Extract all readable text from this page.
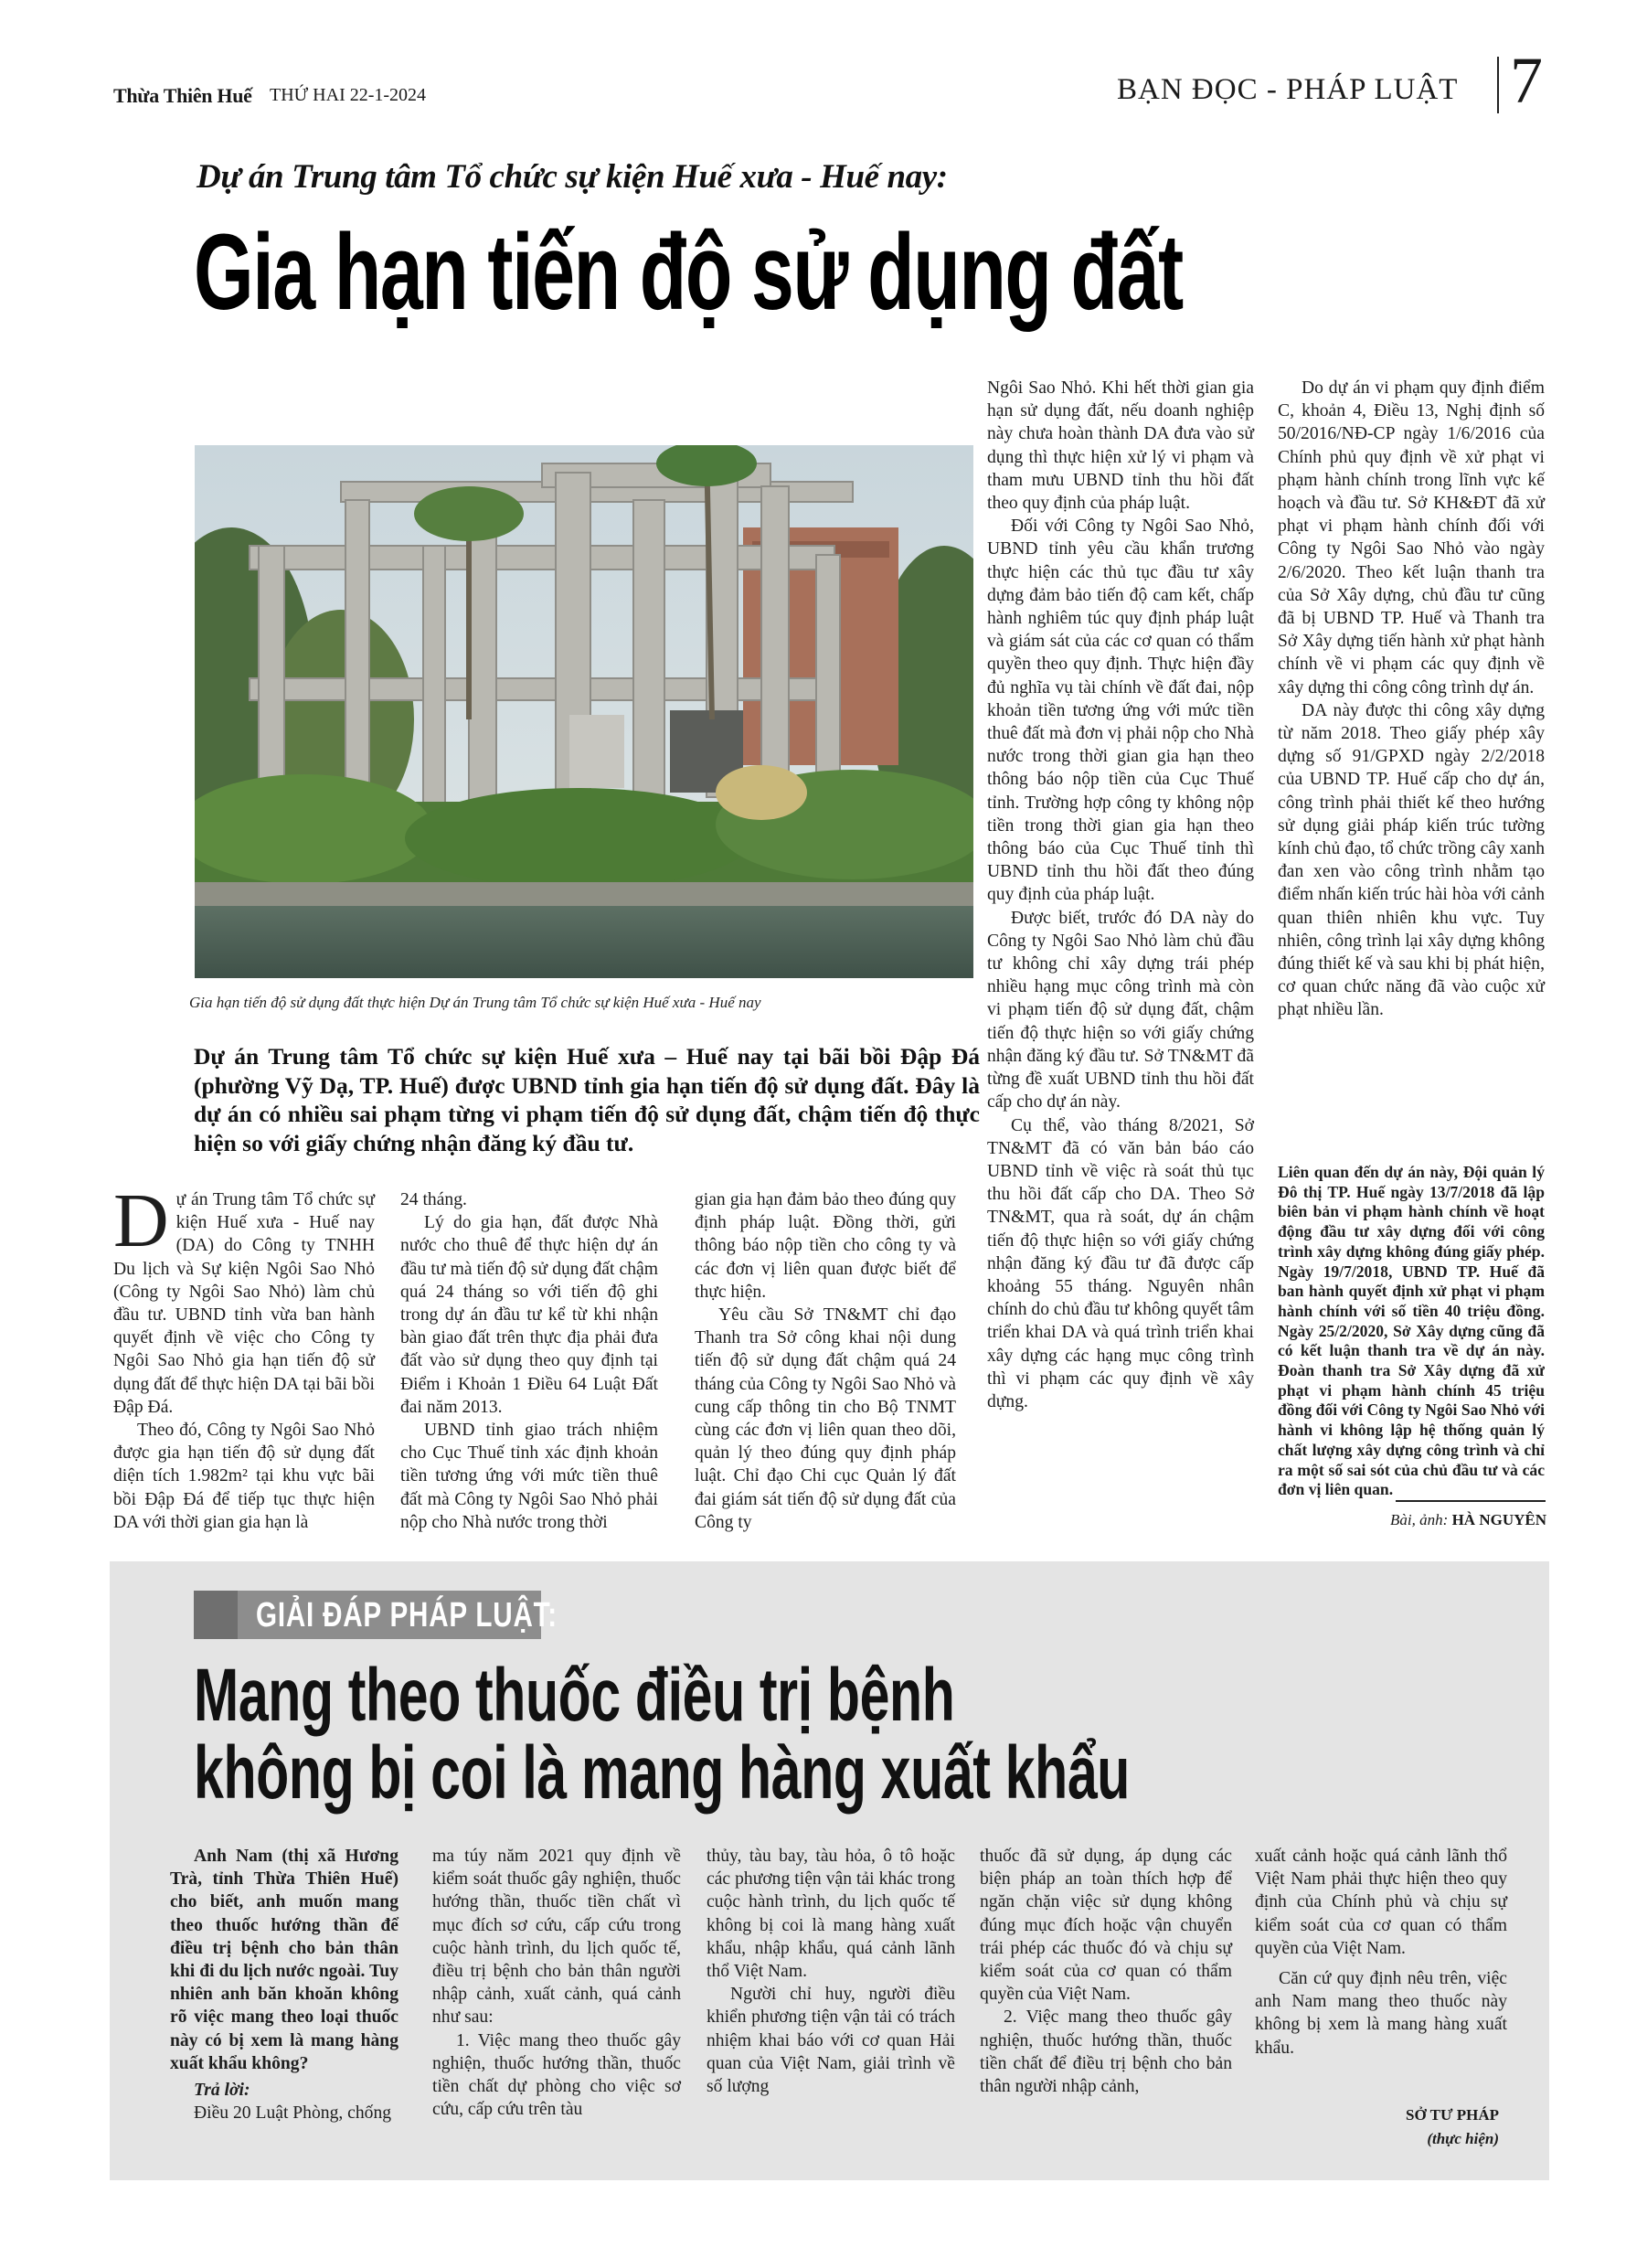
Thừa Thiên Huế THỨ HAI 22-1-2024	BẠN ĐỌC - PHÁP LUẬT 7
Dự án Trung tâm Tổ chức sự kiện Huế xưa - Huế nay:
Gia hạn tiến độ sử dụng đất
Gia hạn tiến độ sử dụng đất thực hiện Dự án Trung tâm Tổ chức sự kiện Huế xưa - Huế nay
Dự án Trung tâm Tổ chức sự kiện Huế xưa – Huế nay tại bãi bồi Đập Đá (phường Vỹ Dạ, TP. Huế) được UBND tỉnh gia hạn tiến độ sử dụng đất. Đây là dự án có nhiều sai phạm từng vi phạm tiến độ sử dụng đất, chậm tiến độ thực hiện so với giấy chứng nhận đăng ký đầu tư.
D ự án Trung tâm Tổ chức sự kiện Huế xưa - Huế nay (DA) do Công ty TNHH Du lịch và Sự kiện Ngôi Sao Nhỏ (Công ty Ngôi Sao Nhỏ) làm chủ đầu tư. UBND tỉnh vừa ban hành quyết định về việc cho Công ty Ngôi Sao Nhỏ gia hạn tiến độ sử dụng đất để thực hiện DA tại bãi bồi Đập Đá.

Theo đó, Công ty Ngôi Sao Nhỏ được gia hạn tiến độ sử dụng đất diện tích 1.982m² tại khu vực bãi bồi Đập Đá để tiếp tục thực hiện DA với thời gian gia hạn là

24 tháng.

Lý do gia hạn, đất được Nhà nước cho thuê để thực hiện dự án đầu tư mà tiến độ sử dụng đất chậm quá 24 tháng so với tiến độ ghi trong dự án đầu tư kể từ khi nhận bàn giao đất trên thực địa phải đưa đất vào sử dụng theo quy định tại Điểm i Khoản 1 Điều 64 Luật Đất đai năm 2013.

UBND tỉnh giao trách nhiệm cho Cục Thuế tỉnh xác định khoản tiền tương ứng với mức tiền thuê đất mà Công ty Ngôi Sao Nhỏ phải nộp cho Nhà nước trong thời

gian gia hạn đảm bảo theo đúng quy định pháp luật. Đồng thời, gửi thông báo nộp tiền cho công ty và các đơn vị liên quan được biết để thực hiện.

Yêu cầu Sở TN&MT chỉ đạo Thanh tra Sở công khai nội dung tiến độ sử dụng đất chậm quá 24 tháng của Công ty Ngôi Sao Nhỏ và cung cấp thông tin cho Bộ TNMT cùng các đơn vị liên quan theo dõi, quản lý theo đúng quy định pháp luật. Chỉ đạo Chi cục Quản lý đất đai giám sát tiến độ sử dụng đất của Công ty

Ngôi Sao Nhỏ. Khi hết thời gian gia hạn sử dụng đất, nếu doanh nghiệp này chưa hoàn thành DA đưa vào sử dụng thì thực hiện xử lý vi phạm và tham mưu UBND tỉnh thu hồi đất theo quy định của pháp luật.

Đối với Công ty Ngôi Sao Nhỏ, UBND tỉnh yêu cầu khẩn trương thực hiện các thủ tục đầu tư xây dựng đảm bảo tiến độ cam kết, chấp hành nghiêm túc quy định pháp luật và giám sát của các cơ quan có thẩm quyền theo quy định. Thực hiện đầy đủ nghĩa vụ tài chính về đất đai, nộp khoản tiền tương ứng với mức tiền thuê đất mà đơn vị phải nộp cho Nhà nước trong thời gian gia hạn theo thông báo nộp tiền của Cục Thuế tỉnh. Trường hợp công ty không nộp tiền trong thời gian gia hạn theo thông báo của Cục Thuế tỉnh thì UBND tỉnh thu hồi đất theo đúng quy định của pháp luật.

Được biết, trước đó DA này do Công ty Ngôi Sao Nhỏ làm chủ đầu tư không chỉ xây dựng trái phép nhiều hạng mục công trình mà còn vi phạm tiến độ sử dụng đất, chậm tiến độ thực hiện so với giấy chứng nhận đăng ký đầu tư. Sở TN&MT đã từng đề xuất UBND tỉnh thu hồi đất cấp cho dự án này.

Cụ thể, vào tháng 8/2021, Sở TN&MT đã có văn bản báo cáo UBND tỉnh về việc rà soát thủ tục thu hồi đất cấp cho DA. Theo Sở TN&MT, qua rà soát, dự án chậm tiến độ thực hiện so với giấy chứng nhận đăng ký đầu tư đã được cấp khoảng 55 tháng. Nguyên nhân chính do chủ đầu tư không quyết tâm triển khai DA và quá trình triển khai xây dựng các hạng mục công trình thì vi phạm các quy định về xây dựng.

Do dự án vi phạm quy định điểm C, khoản 4, Điều 13, Nghị định số 50/2016/NĐ-CP ngày 1/6/2016 của Chính phủ quy định về xử phạt vi phạm hành chính trong lĩnh vực kế hoạch và đầu tư. Sở KH&ĐT đã xử phạt vi phạm hành chính đối với Công ty Ngôi Sao Nhỏ vào ngày 2/6/2020. Theo kết luận thanh tra của Sở Xây dựng, chủ đầu tư cũng đã bị UBND TP. Huế và Thanh tra Sở Xây dựng tiến hành xử phạt hành chính về vi phạm các quy định về xây dựng thi công công trình dự án.

DA này được thi công xây dựng từ năm 2018. Theo giấy phép xây dựng số 91/GPXD ngày 2/2/2018 của UBND TP. Huế cấp cho dự án, công trình phải thiết kế theo hướng sử dụng giải pháp kiến trúc tường kính chủ đạo, tổ chức trồng cây xanh đan xen vào công trình nhằm tạo điểm nhấn kiến trúc hài hòa với cảnh quan thiên nhiên khu vực. Tuy nhiên, công trình lại xây dựng không đúng thiết kế và sau khi bị phát hiện, cơ quan chức năng đã vào cuộc xử phạt nhiều lần.

Liên quan đến dự án này, Đội quản lý Đô thị TP. Huế ngày 13/7/2018 đã lập biên bản vi phạm hành chính về hoạt động đầu tư xây dựng đối với công trình xây dựng không đúng giấy phép. Ngày 19/7/2018, UBND TP. Huế đã ban hành quyết định xử phạt vi phạm hành chính với số tiền 40 triệu đồng. Ngày 25/2/2020, Sở Xây dựng cũng đã có kết luận thanh tra về dự án này. Đoàn thanh tra Sở Xây dựng đã xử phạt vi phạm hành chính 45 triệu đồng đối với Công ty Ngôi Sao Nhỏ với hành vi không lập hệ thống quản lý chất lượng xây dựng công trình và chỉ ra một số sai sót của chủ đầu tư và các đơn vị liên quan.
Bài, ảnh: HÀ NGUYÊN
GIẢI ĐÁP PHÁP LUẬT:
Mang theo thuốc điều trị bệnh
không bị coi là mang hàng xuất khẩu

Anh Nam (thị xã Hương Trà, tỉnh Thừa Thiên Huế) cho biết, anh muốn mang theo thuốc hướng thần để điều trị bệnh cho bản thân khi đi du lịch nước ngoài. Tuy nhiên anh băn khoăn không rõ việc mang theo loại thuốc này có bị xem là mang hàng xuất khẩu không?

Trả lời:

Điều 20 Luật Phòng, chống

ma túy năm 2021 quy định về kiểm soát thuốc gây nghiện, thuốc hướng thần, thuốc tiền chất vì mục đích sơ cứu, cấp cứu trong cuộc hành trình, du lịch quốc tế, điều trị bệnh cho bản thân người nhập cảnh, xuất cảnh, quá cảnh như sau:

1. Việc mang theo thuốc gây nghiện, thuốc hướng thần, thuốc tiền chất dự phòng cho việc sơ cứu, cấp cứu trên tàu

thủy, tàu bay, tàu hỏa, ô tô hoặc các phương tiện vận tải khác trong cuộc hành trình, du lịch quốc tế không bị coi là mang hàng xuất khẩu, nhập khẩu, quá cảnh lãnh thổ Việt Nam.

Người chỉ huy, người điều khiển phương tiện vận tải có trách nhiệm khai báo với cơ quan Hải quan của Việt Nam, giải trình về số lượng

thuốc đã sử dụng, áp dụng các biện pháp an toàn thích hợp để ngăn chặn việc sử dụng không đúng mục đích hoặc vận chuyển trái phép các thuốc đó và chịu sự kiểm soát của cơ quan có thẩm quyền của Việt Nam.

2. Việc mang theo thuốc gây nghiện, thuốc hướng thần, thuốc tiền chất để điều trị bệnh cho bản thân người nhập cảnh,

xuất cảnh hoặc quá cảnh lãnh thổ Việt Nam phải thực hiện theo quy định của Chính phủ và chịu sự kiểm soát của cơ quan có thẩm quyền của Việt Nam.

Căn cứ quy định nêu trên, việc anh Nam mang theo thuốc này không bị xem là mang hàng xuất khẩu.

SỞ TƯ PHÁP
(thực hiện)
